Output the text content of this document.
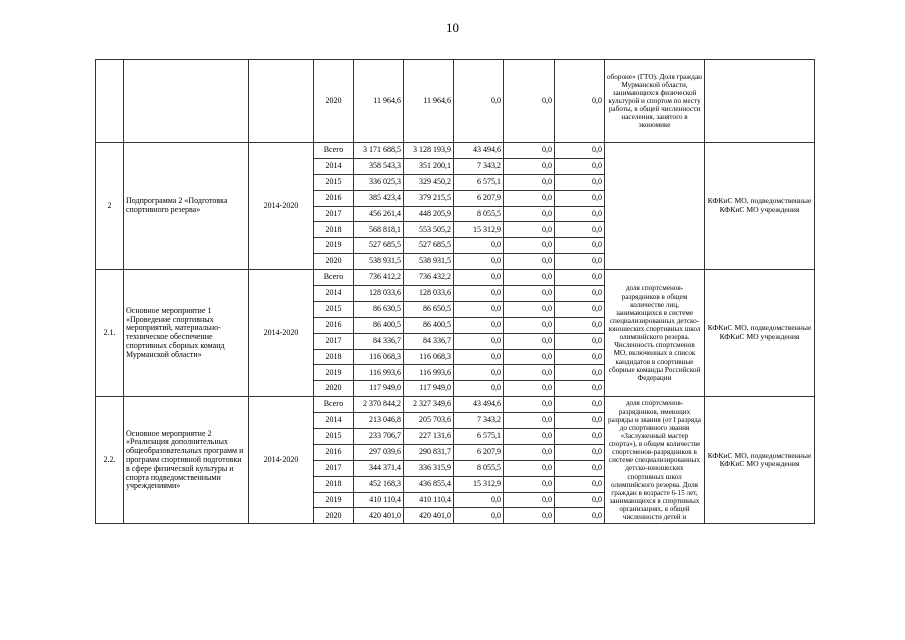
10
			2020	11 964,6	11 964,6	0,0	0,0	0,0	обороне» (ГТО). Доля граждан Мурманской области, занимающихся физической культурой и спортом по месту работы, в общей численности населения, занятого в экономике	
2	Подпрограмма 2 «Подготовка спортивного резерва»	2014-2020	Всего	3 171 688,5	3 128 193,9	43 494,6	0,0	0,0		КФКиС МО, подведомственные КФКиС МО учреждения
			2014	358 543,3	351 200,1	7 343,2	0,0	0,0		
			2015	336 025,3	329 450,2	6 575,1	0,0	0,0		
			2016	385 423,4	379 215,5	6 207,9	0,0	0,0		
			2017	456 261,4	448 205,9	8 055,5	0,0	0,0		
			2018	568 818,1	553 505,2	15 312,9	0,0	0,0		
			2019	527 685,5	527 685,5	0,0	0,0	0,0		
			2020	538 931,5	538 931,5	0,0	0,0	0,0		
2.1.	Основное мероприятие 1 «Проведение спортивных мероприятий, материально-техническое обеспечение спортивных сборных команд Мурманской области»	2014-2020	Всего	736 412,2	736 432,2	0,0	0,0	0,0	доля спортсменов-разрядников в общем количестве лиц, занимающихся в системе специализированных детско-юношеских спортивных школ олимпийского резерва. Численность спортсменов МО, включенных в список кандидатов в спортивные сборные команды Российской Федерации	КФКиС МО, подведомственные КФКиС МО учреждения
			2014	128 033,6	128 033,6	0,0	0,0	0,0		
			2015	86 630,5	86 650,5	0,0	0,0	0,0		
			2016	86 400,5	86 400,5	0,0	0,0	0,0		
			2017	84 336,7	84 336,7	0,0	0,0	0,0		
			2018	116 068,3	116 068,3	0,0	0,0	0,0		
			2019	116 993,6	116 993,6	0,0	0,0	0,0		
			2020	117 949,0	117 949,0	0,0	0,0	0,0		
2.2.	Основное мероприятие 2 «Реализация дополнительных общеобразовательных программ и программ спортивной подготовки в сфере физической культуры и спорта подведомственными учреждениями»	2014-2020	Всего	2 370 844,2	2 327 349,6	43 494,6	0,0	0,0	доля спортсменов-разрядников, имеющих разряды и звания (от I разряда до спортивного звания «Заслуженный мастер спорта»), в общем количестве спортсменов-разрядников в системе специализированных детско-юношеских спортивных школ олимпийского резерва. Доля граждан в возрасте 6-15 лет, занимающихся в спортивных организациях, в общей численности детей и	КФКиС МО, подведомственные КФКиС МО учреждения
			2014	213 046,8	205 703,6	7 343,2	0,0	0,0		
			2015	233 706,7	227 131,6	6 575,1	0,0	0,0		
			2016	297 039,6	290 831,7	6 207,9	0,0	0,0		
			2017	344 371,4	336 315,9	8 055,5	0,0	0,0		
			2018	452 168,3	436 855,4	15 312,9	0,0	0,0		
			2019	410 110,4	410 110,4	0,0	0,0	0,0		
			2020	420 401,0	420 401,0	0,0	0,0	0,0		
